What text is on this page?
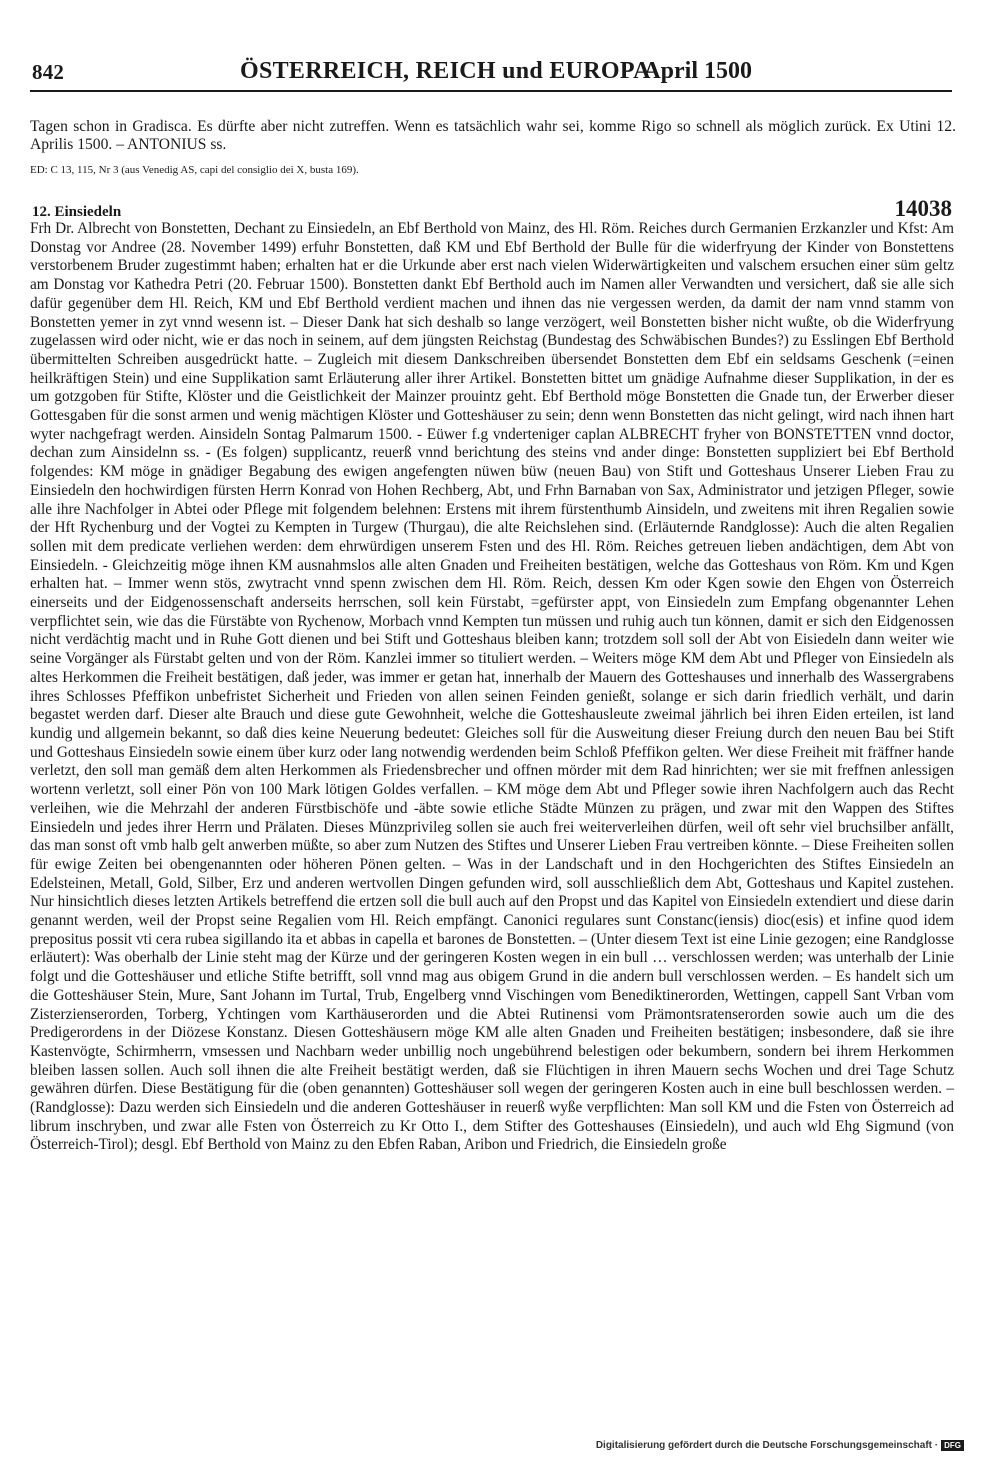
842	ÖSTERREICH, REICH und EUROPA
April 1500
Tagen schon in Gradisca. Es dürfte aber nicht zutreffen. Wenn es tatsächlich wahr sei, komme Rigo so schnell als möglich zurück. Ex Utini 12. Aprilis 1500. – ANTONIUS ss.
ED: C 13, 115, Nr 3 (aus Venedig AS, capi del consiglio dei X, busta 169).
12. Einsiedeln	14038

Frh Dr. Albrecht von Bonstetten, Dechant zu Einsiedeln, an Ebf Berthold von Mainz, des Hl. Röm. Reiches durch Germanien Erzkanzler und Kfst: Am Donstag vor Andree (28. November 1499) erfuhr Bonstetten, daß KM und Ebf Berthold der Bulle für die widerfryung der Kinder von Bonstettens verstorbenem Bruder zugestimmt haben; erhalten hat er die Urkunde aber erst nach vielen Widerwärtigkeiten und valschem ersuchen einer süm geltz am Donstag vor Kathedra Petri (20. Februar 1500). Bonstetten dankt Ebf Berthold auch im Namen aller Verwandten und versichert, daß sie alle sich dafür gegenüber dem Hl. Reich, KM und Ebf Berthold verdient machen und ihnen das nie vergessen werden, da damit der nam vnnd stamm von Bonstetten yemer in zyt vnnd wesenn ist. – Dieser Dank hat sich deshalb so lange verzögert, weil Bonstetten bisher nicht wußte, ob die Widerfryung zugelassen wird oder nicht, wie er das noch in seinem, auf dem jüngsten Reichstag (Bundestag des Schwäbischen Bundes?) zu Esslingen Ebf Berthold übermittelten Schreiben ausgedrückt hatte. – Zugleich mit diesem Dankschreiben übersendet Bonstetten dem Ebf ein seldsams Geschenk (=einen heilkräftigen Stein) und eine Supplikation samt Erläuterung aller ihrer Artikel. Bonstetten bittet um gnädige Aufnahme dieser Supplikation, in der es um gotzgoben für Stifte, Klöster und die Geistlichkeit der Mainzer prouintz geht. Ebf Berthold möge Bonstetten die Gnade tun, der Erwerber dieser Gottesgaben für die sonst armen und wenig mächtigen Klöster und Gotteshäuser zu sein; denn wenn Bonstetten das nicht gelingt, wird nach ihnen hart wyter nachgefragt werden. Ainsideln Sontag Palmarum 1500. - Eüwer f.g vnderteniger caplan ALBRECHT fryher von BONSTETTEN vnnd doctor, dechan zum Ainsidelnn ss. - (Es folgen) supplicantz, reuerß vnnd berichtung des steins vnd ander dinge: Bonstetten suppliziert bei Ebf Berthold folgendes: KM möge in gnädiger Begabung des ewigen angefengten nüwen büw (neuen Bau) von Stift und Gotteshaus Unserer Lieben Frau zu Einsiedeln den hochwirdigen fürsten Herrn Konrad von Hohen Rechberg, Abt, und Frhn Barnaban von Sax, Administrator und jetzigen Pfleger, sowie alle ihre Nachfolger in Abtei oder Pflege mit folgendem belehnen: Erstens mit ihrem fürstenthumb Ainsideln, und zweitens mit ihren Regalien sowie der Hft Rychenburg und der Vogtei zu Kempten in Turgew (Thurgau), die alte Reichslehen sind. (Erläuternde Randglosse): Auch die alten Regalien sollen mit dem predicate verliehen werden: dem ehrwürdigen unserem Fsten und des Hl. Röm. Reiches getreuen lieben andächtigen, dem Abt von Einsiedeln. - Gleichzeitig möge ihnen KM ausnahmslos alle alten Gnaden und Freiheiten bestätigen, welche das Gotteshaus von Röm. Km und Kgen erhalten hat. – Immer wenn stös, zwytracht vnnd spenn zwischen dem Hl. Röm. Reich, dessen Km oder Kgen sowie den Ehgen von Österreich einerseits und der Eidgenossenschaft anderseits herrschen, soll kein Fürstabt, =gefürster appt, von Einsiedeln zum Empfang obgenannter Lehen verpflichtet sein, wie das die Fürstäbte von Rychenow, Morbach vnnd Kempten tun müssen und ruhig auch tun können, damit er sich den Eidgenossen nicht verdächtig macht und in Ruhe Gott dienen und bei Stift und Gotteshaus bleiben kann; trotzdem soll soll der Abt von Eisiedeln dann weiter wie seine Vorgänger als Fürstabt gelten und von der Röm. Kanzlei immer so tituliert werden. – Weiters möge KM dem Abt und Pfleger von Einsiedeln als altes Herkommen die Freiheit bestätigen, daß jeder, was immer er getan hat, innerhalb der Mauern des Gotteshauses und innerhalb des Wassergrabens ihres Schlosses Pfeffikon unbefristet Sicherheit und Frieden von allen seinen Feinden genießt, solange er sich darin friedlich verhält, und darin begastet werden darf. Dieser alte Brauch und diese gute Gewohnheit, welche die Gotteshausleute zweimal jährlich bei ihren Eiden erteilen, ist land kundig und allgemein bekannt, so daß dies keine Neuerung bedeutet: Gleiches soll für die Ausweitung dieser Freiung durch den neuen Bau bei Stift und Gotteshaus Einsiedeln sowie einem über kurz oder lang notwendig werdenden beim Schloß Pfeffikon gelten. Wer diese Freiheit mit fräffner hande verletzt, den soll man gemäß dem alten Herkommen als Friedensbrecher und offnen mörder mit dem Rad hinrichten; wer sie mit freffnen anlessigen wortenn verletzt, soll einer Pön von 100 Mark lötigen Goldes verfallen. – KM möge dem Abt und Pfleger sowie ihren Nachfolgern auch das Recht verleihen, wie die Mehrzahl der anderen Fürstbischöfe und -äbte sowie etliche Städte Münzen zu prägen, und zwar mit den Wappen des Stiftes Einsiedeln und jedes ihrer Herrn und Prälaten. Dieses Münzprivileg sollen sie auch frei weiterverleihen dürfen, weil oft sehr viel bruchsilber anfällt, das man sonst oft vmb halb gelt anwerben müßte, so aber zum Nutzen des Stiftes und Unserer Lieben Frau vertreiben könnte. – Diese Freiheiten sollen für ewige Zeiten bei obengenannten oder höheren Pönen gelten. – Was in der Landschaft und in den Hochgerichten des Stiftes Einsiedeln an Edelsteinen, Metall, Gold, Silber, Erz und anderen wertvollen Dingen gefunden wird, soll ausschließlich dem Abt, Gotteshaus und Kapitel zustehen. Nur hinsichtlich dieses letzten Artikels betreffend die ertzen soll die bull auch auf den Propst und das Kapitel von Einsiedeln extendiert und diese darin genannt werden, weil der Propst seine Regalien vom Hl. Reich empfängt. Canonici regulares sunt Constanc(iensis) dioc(esis) et infine quod idem prepositus possit vti cera rubea sigillando ita et abbas in capella et barones de Bonstetten. – (Unter diesem Text ist eine Linie gezogen; eine Randglosse erläutert): Was oberhalb der Linie steht mag der Kürze und der geringeren Kosten wegen in ein bull … verschlossen werden; was unterhalb der Linie folgt und die Gotteshäuser und etliche Stifte betrifft, soll vnnd mag aus obigem Grund in die andern bull verschlossen werden. – Es handelt sich um die Gotteshäuser Stein, Mure, Sant Johann im Turtal, Trub, Engelberg vnnd Vischingen vom Benediktinerorden, Wettingen, cappell Sant Vrban vom Zisterzienserorden, Torberg, Ychtingen vom Karthäuserorden und die Abtei Rutinensi vom Prämontsratenserorden sowie auch um die des Predigerordens in der Diözese Konstanz. Diesen Gotteshäusern möge KM alle alten Gnaden und Freiheiten bestätigen; insbesondere, daß sie ihre Kastenvögte, Schirmherrn, vmsessen und Nachbarn weder unbillig noch ungebührend belestigen oder bekumbern, sondern bei ihrem Herkommen bleiben lassen sollen. Auch soll ihnen die alte Freiheit bestätigt werden, daß sie Flüchtigen in ihren Mauern sechs Wochen und drei Tage Schutz gewähren dürfen. Diese Bestätigung für die (oben genannten) Gotteshäuser soll wegen der geringeren Kosten auch in eine bull beschlossen werden. – (Randglosse): Dazu werden sich Einsiedeln und die anderen Gotteshäuser in reuerß wyße verpflichten: Man soll KM und die Fsten von Österreich ad librum inschryben, und zwar alle Fsten von Österreich zu Kr Otto I., dem Stifter des Gotteshauses (Einsiedeln), und auch wld Ehg Sigmund (von Österreich-Tirol); desgl. Ebf Berthold von Mainz zu den Ebfen Raban, Aribon und Friedrich, die Einsiedeln große

Digitalisierung gefördert durch die Deutsche Forschungsgemeinschaft · DFG
